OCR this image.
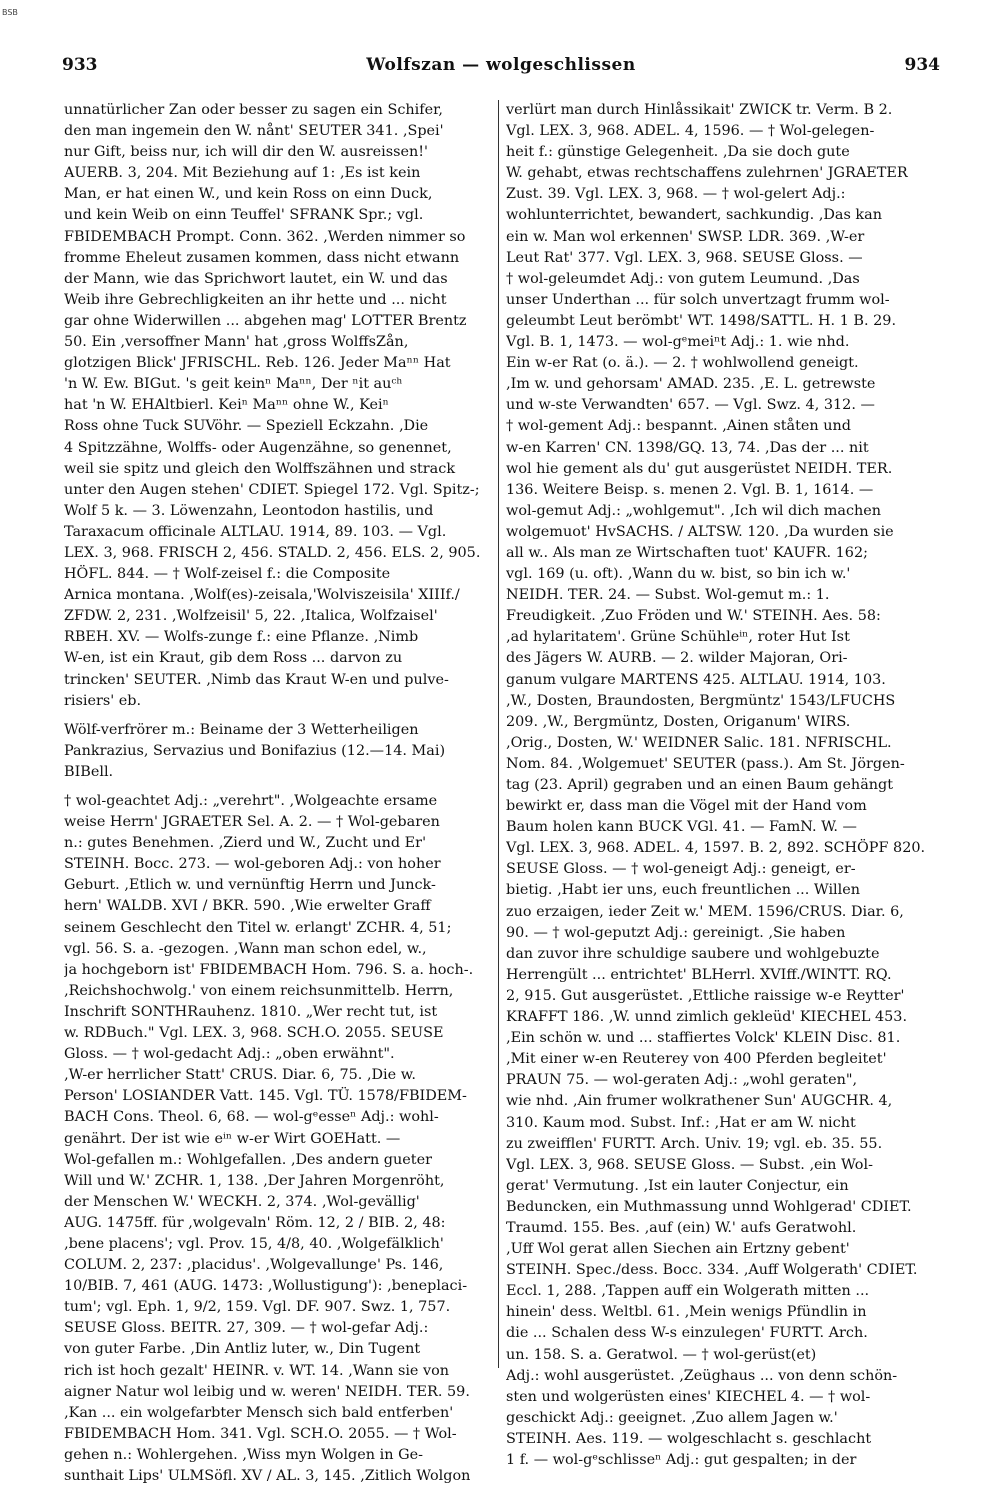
BSB
933	Wolfszan — wolgeschlissen	934
unnatürlicher Zan oder besser zu sagen ein Schifer,
den man ingemein den W. nånt' SEUTER 341. ‚Spei'
nur Gift, beiss nur, ich will dir den W. ausreissen!'
AUERB. 3, 204. Mit Beziehung auf 1: ‚Es ist kein
Man, er hat einen W., und kein Ross on einn Duck,
und kein Weib on einn Teuffel' SFRANK Spr.; vgl.
FBIDEMBACH Prompt. Conn. 362. ‚Werden nimmer so
fromme Eheleut zusamen kommen, dass nicht etwann
der Mann, wie das Sprichwort lautet, ein W. und das
Weib ihre Gebrechligkeiten an ihr hette und ... nicht
gar ohne Widerwillen ... abgehen mag' LOTTER Brentz
50. Ein ‚versoffner Mann' hat ‚gross WolffsZån,
glotzigen Blick' JFRISCHL. Reb. 126. Jeder Maⁿⁿ Hat
'n W. Ew. BIGut. 's geit keinⁿ Maⁿⁿ, Der ⁿit auᶜʰ
hat 'n W. EHAltbierl. Keiⁿ Maⁿⁿ ohne W., Keiⁿ
Ross ohne Tuck SUVöhr. — Speziell Eckzahn. ‚Die
4 Spitzzähne, Wolffs- oder Augenzähne, so genennet,
weil sie spitz und gleich den Wolffszähnen und strack
unter den Augen stehen' CDIET. Spiegel 172. Vgl. Spitz-;
Wolf 5 k. — 3. Löwenzahn, Leontodon hastilis, und
Taraxacum officinale ALTLAU. 1914, 89. 103. — Vgl.
LEX. 3, 968. FRISCH 2, 456. STALD. 2, 456. ELS. 2, 905.
HÖFL. 844. — † Wolf-zeisel f.: die Composite
Arnica montana. ‚Wolf(es)-zeisala,'Wolviszeisila' XIIIf./
ZFDW. 2, 231. ‚Wolfzeisil' 5, 22. ‚Italica, Wolfzaisel'
RBEH. XV. — Wolfs-zunge f.: eine Pflanze. ‚Nimb
W-en, ist ein Kraut, gib dem Ross ... darvon zu
trincken' SEUTER. ‚Nimb das Kraut W-en und pulve-
risiers' eb.
Wölf-verfrörer m.: Beiname der 3 Wetterheiligen
Pankrazius, Servazius und Bonifazius (12.—14. Mai)
BIBell.
† wol-geachtet Adj.: „verehrt". ‚Wolgeachte ersame
weise Herrn' JGRAETER Sel. A. 2. — † Wol-gebaren
n.: gutes Benehmen. ‚Zierd und W., Zucht und Er'
STEINH. Bocc. 273. — wol-geboren Adj.: von hoher
Geburt. ‚Etlich w. und vernünftig Herrn und Junck-
hern' WALDB. XVI / BKR. 590. ‚Wie erwelter Graff
seinem Geschlecht den Titel w. erlangt' ZCHR. 4, 51;
vgl. 56. S. a. -gezogen. ‚Wann man schon edel, w.,
ja hochgeborn ist' FBIDEMBACH Hom. 796. S. a. hoch-.
‚Reichshochwolg.' von einem reichsunmittelb. Herrn,
Inschrift SONTHRauhenz. 1810. „Wer recht tut, ist
w. RDBuch." Vgl. LEX. 3, 968. SCH.O. 2055. SEUSE
Gloss. — † wol-gedacht Adj.: „oben erwähnt".
‚W-er herrlicher Statt' CRUS. Diar. 6, 75. ‚Die w.
Person' LOSIANDER Vatt. 145. Vgl. TÜ. 1578/FBIDEM-
BACH Cons. Theol. 6, 68. — wol-gᵉesseⁿ Adj.: wohl-
genährt. Der ist wie eⁱⁿ w-er Wirt GOEHatt. —
Wol-gefallen m.: Wohlgefallen. ‚Des andern gueter
Will und W.' ZCHR. 1, 138. ‚Der Jahren Morgenröht,
der Menschen W.' WECKH. 2, 374. ‚Wol-gevällig'
AUG. 1475ff. für ‚wolgevaln' Röm. 12, 2 / BIB. 2, 48:
‚bene placens'; vgl. Prov. 15, 4/8, 40. ‚Wolgefälklich'
COLUM. 2, 237: ‚placidus'. ‚Wolgevallunge' Ps. 146,
10/BIB. 7, 461 (AUG. 1473: ‚Wollustigung'): ‚beneplaci-
tum'; vgl. Eph. 1, 9/2, 159. Vgl. DF. 907. Swz. 1, 757.
SEUSE Gloss. BEITR. 27, 309. — † wol-gefar Adj.:
von guter Farbe. ‚Din Antliz luter, w., Din Tugent
rich ist hoch gezalt' HEINR. v. WT. 14. ‚Wann sie von
aigner Natur wol leibig und w. weren' NEIDH. TER. 59.
‚Kan ... ein wolgefarbter Mensch sich bald entferben'
FBIDEMBACH Hom. 341. Vgl. SCH.O. 2055. — † Wol-
gehen n.: Wohlergehen. ‚Wiss myn Wolgen in Ge-
sunthait Lips' ULMSöfl. XV / AL. 3, 145. ‚Zitlich Wolgon
verlürt man durch Hinlåssikait' ZWICK tr. Verm. B 2.
Vgl. LEX. 3, 968. ADEL. 4, 1596. — † Wol-gelegen-
heit f.: günstige Gelegenheit. ‚Da sie doch gute
W. gehabt, etwas rechtschaffens zulehrnen' JGRAETER
Zust. 39. Vgl. LEX. 3, 968. — † wol-gelert Adj.:
wohlunterrichtet, bewandert, sachkundig. ‚Das kan
ein w. Man wol erkennen' SWSP. LDR. 369. ‚W-er
Leut Rat' 377. Vgl. LEX. 3, 968. SEUSE Gloss. —
† wol-geleumdet Adj.: von gutem Leumund. ‚Das
unser Underthan ... für solch unvertzagt frumm wol-
geleumbt Leut berömbt' WT. 1498/SATTL. H. 1 B. 29.
Vgl. B. 1, 1473. — wol-gᵉmeiⁿt Adj.: 1. wie nhd.
Ein w-er Rat (o. ä.). — 2. † wohlwollend geneigt.
‚Im w. und gehorsam' AMAD. 235. ‚E. L. getrewste
und w-ste Verwandten' 657. — Vgl. Swz. 4, 312. —
† wol-gement Adj.: bespannt. ‚Ainen ståten und
w-en Karren' CN. 1398/GQ. 13, 74. ‚Das der ... nit
wol hie gement als du' gut ausgerüstet NEIDH. TER.
136. Weitere Beisp. s. menen 2. Vgl. B. 1, 1614. —
wol-gemut Adj.: „wohlgemut". ‚Ich wil dich machen
wolgemuot' HvSACHS. / ALTSW. 120. ‚Da wurden sie
all w.. Als man ze Wirtschaften tuot' KAUFR. 162;
vgl. 169 (u. oft). ‚Wann du w. bist, so bin ich w.'
NEIDH. TER. 24. — Subst. Wol-gemut m.: 1.
Freudigkeit. ‚Zuo Fröden und W.' STEINH. Aes. 58:
‚ad hylaritatem'. Grüne Schühleⁱⁿ, roter Hut Ist
des Jägers W. AURB. — 2. wilder Majoran, Ori-
ganum vulgare MARTENS 425. ALTLAU. 1914, 103.
‚W., Dosten, Braundosten, Bergmüntz' 1543/LFUCHS
209. ‚W., Bergmüntz, Dosten, Origanum' WIRS.
‚Orig., Dosten, W.' WEIDNER Salic. 181. NFRISCHL.
Nom. 84. ‚Wolgemuet' SEUTER (pass.). Am St. Jörgen-
tag (23. April) gegraben und an einen Baum gehängt
bewirkt er, dass man die Vögel mit der Hand vom
Baum holen kann BUCK VGl. 41. — FamN. W. —
Vgl. LEX. 3, 968. ADEL. 4, 1597. B. 2, 892. SCHÖPF 820.
SEUSE Gloss. — † wol-geneigt Adj.: geneigt, er-
bietig. ‚Habt ier uns, euch freuntlichen ... Willen
zuo erzaigen, ieder Zeit w.' MEM. 1596/CRUS. Diar. 6,
90. — † wol-geputzt Adj.: gereinigt. ‚Sie haben
dan zuvor ihre schuldige saubere und wohlgebuzte
Herrengült ... entrichtet' BLHerrl. XVIff./WINTT. RQ.
2, 915. Gut ausgerüstet. ‚Ettliche raissige w-e Reytter'
KRAFFT 186. ‚W. unnd zimlich gekleüd' KIECHEL 453.
‚Ein schön w. und ... staffiertes Volck' KLEIN Disc. 81.
‚Mit einer w-en Reuterey von 400 Pferden begleitet'
PRAUN 75. — wol-geraten Adj.: „wohl geraten",
wie nhd. ‚Ain frumer wolkrathener Sun' AUGCHR. 4,
310. Kaum mod. Subst. Inf.: ‚Hat er am W. nicht
zu zweifflen' FURTT. Arch. Univ. 19; vgl. eb. 35. 55.
Vgl. LEX. 3, 968. SEUSE Gloss. — Subst. ‚ein Wol-
gerat' Vermutung. ‚Ist ein lauter Conjectur, ein
Beduncken, ein Muthmassung unnd Wohlgerad' CDIET.
Traumd. 155. Bes. ‚auf (ein) W.' aufs Geratwohl.
‚Uff Wol gerat allen Siechen ain Ertzny gebent'
STEINH. Spec./dess. Bocc. 334. ‚Auff Wolgerath' CDIET.
Eccl. 1, 288. ‚Tappen auff ein Wolgerath mitten ...
hinein' dess. Weltbl. 61. ‚Mein wenigs Pfündlin in
die ... Schalen dess W-s einzulegen' FURTT. Arch.
un. 158. S. a. Geratwol. — † wol-gerüst(et)
Adj.: wohl ausgerüstet. ‚Zeüghaus ... von denn schön-
sten und wolgerüsten eines' KIECHEL 4. — † wol-
geschickt Adj.: geeignet. ‚Zuo allem Jagen w.'
STEINH. Aes. 119. — wolgeschlacht s. geschlacht
1 f. — wol-gᵉschlisseⁿ Adj.: gut gespalten; in der
